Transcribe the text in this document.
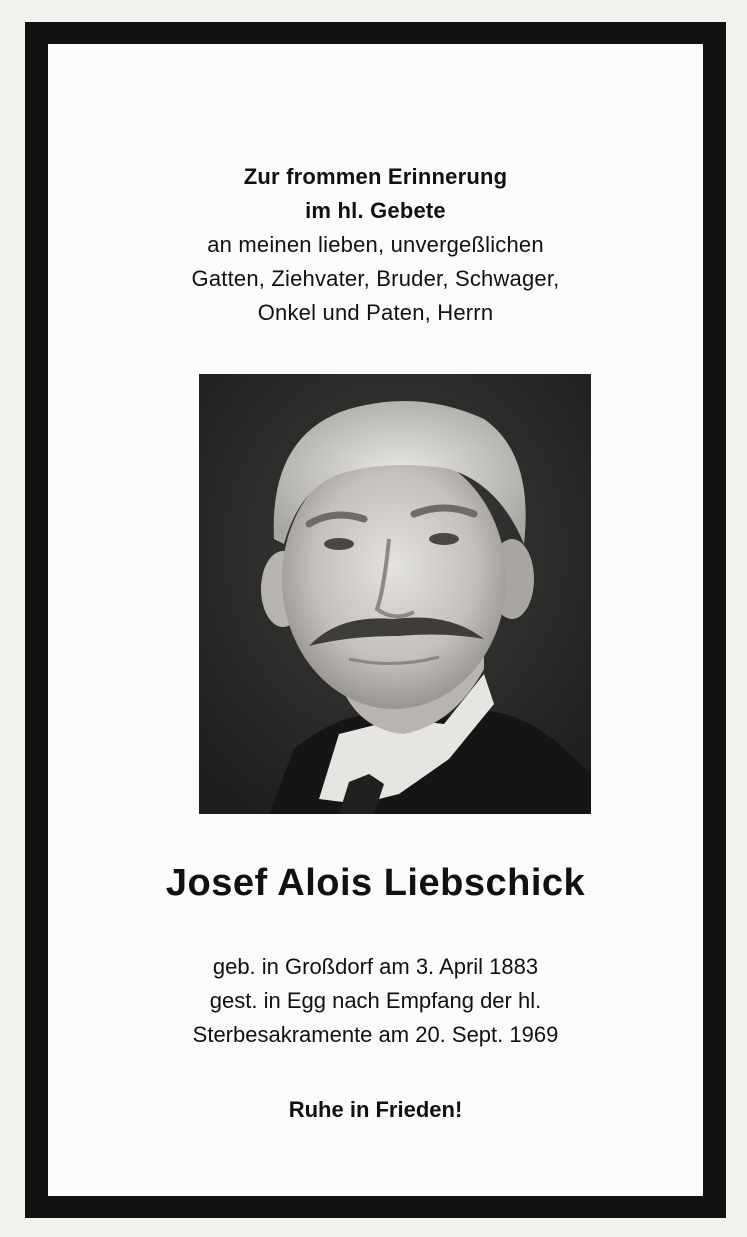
Zur frommen Erinnerung
im hl. Gebete
an meinen lieben, unvergeßlichen
Gatten, Ziehvater, Bruder, Schwager,
Onkel und Paten, Herrn
Josef Alois Liebschick
geb. in Großdorf am 3. April 1883
gest. in Egg nach Empfang der hl.
Sterbesakramente am 20. Sept. 1969
Ruhe in Frieden!
